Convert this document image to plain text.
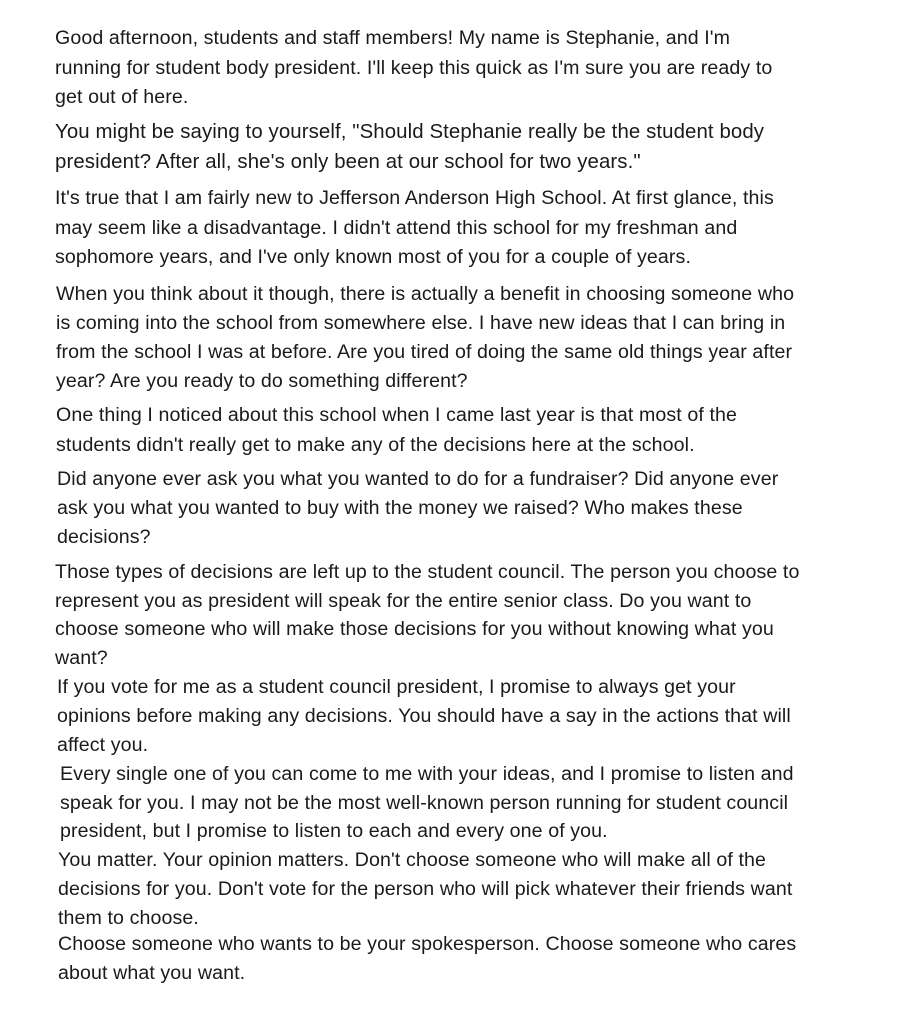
Good afternoon, students and staff members! My name is Stephanie, and I'm
running for student body president. I'll keep this quick as I'm sure you are ready to
get out of here.

You might be saying to yourself, "Should Stephanie really be the student body
president? After all, she's only been at our school for two years."

It's true that I am fairly new to Jefferson Anderson High School. At first glance, this
may seem like a disadvantage. I didn't attend this school for my freshman and
sophomore years, and I've only known most of you for a couple of years.

When you think about it though, there is actually a benefit in choosing someone who
is coming into the school from somewhere else. I have new ideas that I can bring in
from the school I was at before. Are you tired of doing the same old things year after
year? Are you ready to do something different?

One thing I noticed about this school when I came last year is that most of the
students didn't really get to make any of the decisions here at the school.

Did anyone ever ask you what you wanted to do for a fundraiser? Did anyone ever
ask you what you wanted to buy with the money we raised? Who makes these
decisions?

Those types of decisions are left up to the student council. The person you choose to
represent you as president will speak for the entire senior class. Do you want to
choose someone who will make those decisions for you without knowing what you
want?

If you vote for me as a student council president, I promise to always get your
opinions before making any decisions. You should have a say in the actions that will
affect you.

Every single one of you can come to me with your ideas, and I promise to listen and
speak for you. I may not be the most well-known person running for student council
president, but I promise to listen to each and every one of you.

You matter. Your opinion matters. Don't choose someone who will make all of the
decisions for you. Don't vote for the person who will pick whatever their friends want
them to choose.

Choose someone who wants to be your spokesperson. Choose someone who cares
about what you want.
